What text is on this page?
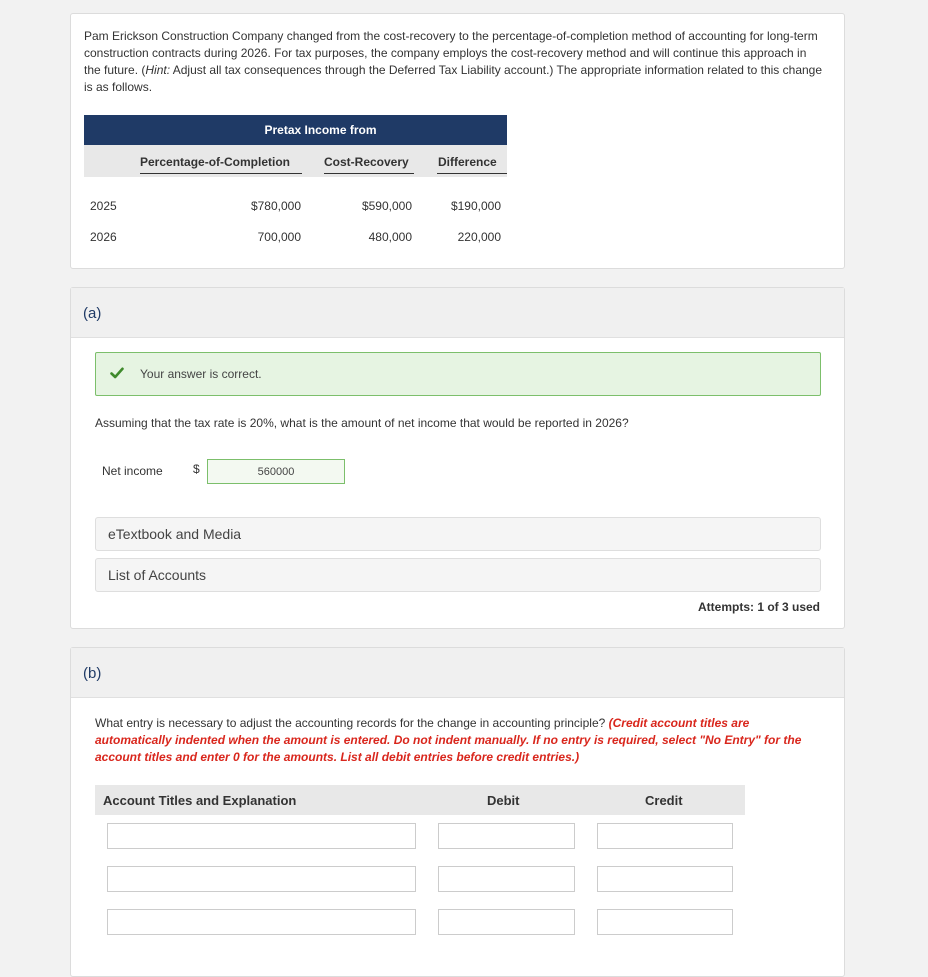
Pam Erickson Construction Company changed from the cost-recovery to the percentage-of-completion method of accounting for long-term construction contracts during 2026. For tax purposes, the company employs the cost-recovery method and will continue this approach in the future. (Hint: Adjust all tax consequences through the Deferred Tax Liability account.) The appropriate information related to this change is as follows.
Pretax Income from
Percentage-of-Completion	Cost-Recovery	Difference
2025	$780,000	$590,000	$190,000
2026	700,000	480,000	220,000
(a)
Your answer is correct.
Assuming that the tax rate is 20%, what is the amount of net income that would be reported in 2026?
Net income	$
560000
eTextbook and Media
List of Accounts
Attempts: 1 of 3 used
(b)
What entry is necessary to adjust the accounting records for the change in accounting principle? (Credit account titles are automatically indented when the amount is entered. Do not indent manually. If no entry is required, select "No Entry" for the account titles and enter 0 for the amounts. List all debit entries before credit entries.)
Account Titles and Explanation	Debit	Credit
